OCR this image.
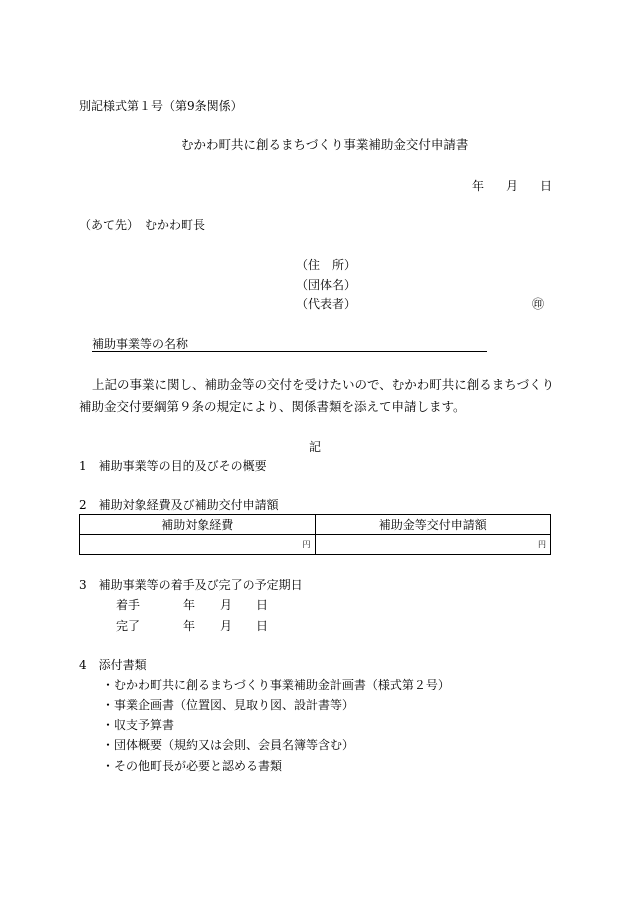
別記様式第１号（第9条関係）
むかわ町共に創るまちづくり事業補助金交付申請書
年 月 日
（あて先）　むかわ町長
（住　所）
（団体名）
（代表者）	㊞
補助事業等の名称
上記の事業に関し、補助金等の交付を受けたいので、むかわ町共に創るまちづくり補助金交付要綱第９条の規定により、関係書類を添えて申請します。
記
1　補助事業等の目的及びその概要
2　補助対象経費及び補助交付申請額
補助対象経費	補助金等交付申請額
円	円
3　補助事業等の着手及び完了の予定期日
着手	年 月 日
完了	年 月 日
4　添付書類
・むかわ町共に創るまちづくり事業補助金計画書（様式第２号）
・事業企画書（位置図、見取り図、設計書等）
・収支予算書
・団体概要（規約又は会則、会員名簿等含む）
・その他町長が必要と認める書類
